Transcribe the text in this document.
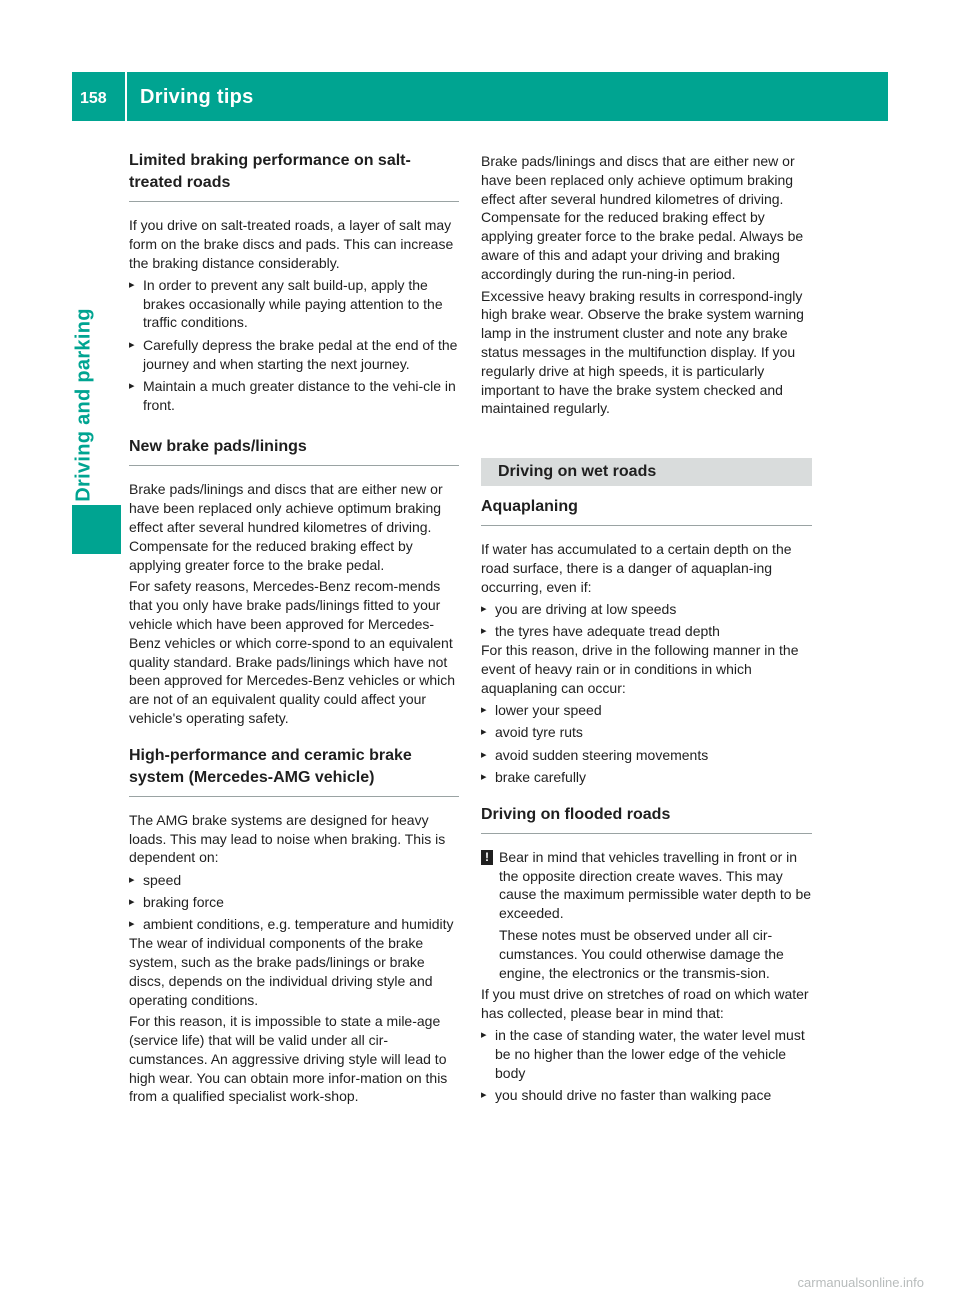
158 Driving tips
Driving and parking
Limited braking performance on salt-
treated roads

If you drive on salt-treated roads, a layer of salt may form on the brake discs and pads. This can increase the braking distance considerably.

▸ In order to prevent any salt build-up, apply the brakes occasionally while paying attention to the traffic conditions.
▸ Carefully depress the brake pedal at the end of the journey and when starting the next journey.
▸ Maintain a much greater distance to the vehi-cle in front.
New brake pads/linings

Brake pads/linings and discs that are either new or have been replaced only achieve optimum braking effect after several hundred kilometres of driving. Compensate for the reduced braking effect by applying greater force to the brake pedal.

For safety reasons, Mercedes-Benz recom-mends that you only have brake pads/linings fitted to your vehicle which have been approved for Mercedes-Benz vehicles or which corre-spond to an equivalent quality standard. Brake pads/linings which have not been approved for Mercedes-Benz vehicles or which are not of an equivalent quality could affect your vehicle's operating safety.

High-performance and ceramic brake
system (Mercedes-AMG vehicle)

The AMG brake systems are designed for heavy loads. This may lead to noise when braking. This is dependent on:

▸ speed
▸ braking force
▸ ambient conditions, e.g. temperature and humidity

The wear of individual components of the brake system, such as the brake pads/linings or brake discs, depends on the individual driving style and operating conditions.

For this reason, it is impossible to state a mile-age (service life) that will be valid under all cir-cumstances. An aggressive driving style will lead to high wear. You can obtain more infor-mation on this from a qualified specialist work-shop.

Brake pads/linings and discs that are either new or have been replaced only achieve optimum braking effect after several hundred kilometres of driving. Compensate for the reduced braking effect by applying greater force to the brake pedal. Always be aware of this and adapt your driving and braking accordingly during the run-ning-in period.

Excessive heavy braking results in correspond-ingly high brake wear. Observe the brake system warning lamp in the instrument cluster and note any brake status messages in the multifunction display. If you regularly drive at high speeds, it is particularly important to have the brake system checked and maintained regularly.

Driving on wet roads
Aquaplaning

If water has accumulated to a certain depth on the road surface, there is a danger of aquaplan-ing occurring, even if:

▸ you are driving at low speeds
▸ the tyres have adequate tread depth

For this reason, drive in the following manner in the event of heavy rain or in conditions in which aquaplaning can occur:

▸ lower your speed
▸ avoid tyre ruts
▸ avoid sudden steering movements
▸ brake carefully
Driving on flooded roads
! Bear in mind that vehicles travelling in front or in the opposite direction create waves. This may cause the maximum permissible water depth to be exceeded.

These notes must be observed under all cir-cumstances. You could otherwise damage the engine, the electronics or the transmis-sion.

If you must drive on stretches of road on which water has collected, please bear in mind that:

▸ in the case of standing water, the water level must be no higher than the lower edge of the vehicle body
▸ you should drive no faster than walking pace
carmanualsonline.info
